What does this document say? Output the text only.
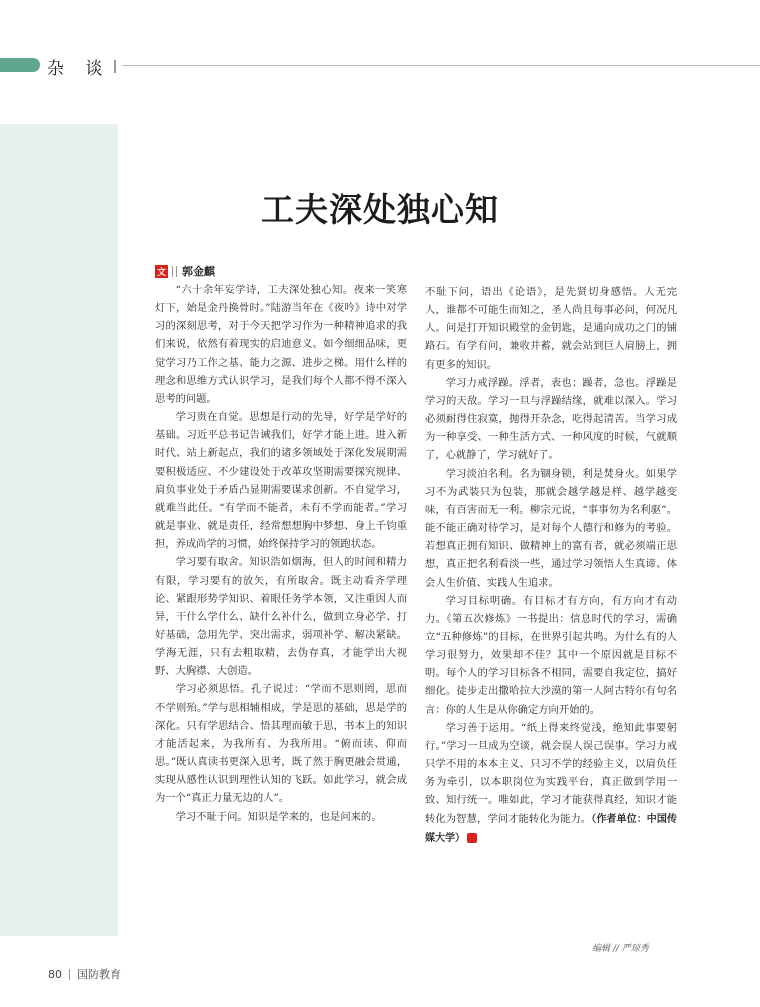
杂 谈
工夫深处独心知
文 郭金麒

“六十余年妄学诗，工夫深处独心知。夜来一笑寒灯下，始是金丹换骨时。”陆游当年在《夜吟》诗中对学习的深刻思考，对于今天把学习作为一种精神追求的我们来说，依然有着现实的启迪意义。如今细细品味，更觉学习乃工作之基、能力之源、进步之梯。用什么样的理念和思维方式认识学习，是我们每个人都不得不深入思考的问题。

学习贵在自觉。思想是行动的先导，好学是学好的基础。习近平总书记告诫我们，好学才能上进。进入新时代、站上新起点，我们的诸多领域处于深化发展期需要积极适应、不少建设处于改革攻坚期需要探究规律、肩负事业处于矛盾凸显期需要谋求创新。不自觉学习，就难当此任。“有学而不能者，未有不学而能者。”学习就是事业、就是责任，经常想想胸中梦想、身上千钧重担，养成尚学的习惯，始终保持学习的领跑状态。

学习要有取舍。知识浩如烟海，但人的时间和精力有限，学习要有的放矢，有所取舍。既主动看齐学理论、紧跟形势学知识、着眼任务学本领，又注重因人而异，干什么学什么、缺什么补什么，做到立身必学、打好基础，急用先学、突出需求，弱项补学、解决紧缺。学海无涯，只有去粗取精，去伪存真，才能学出大视野、大胸襟、大创造。

学习必须思悟。孔子说过：“学而不思则罔，思而不学则殆。”学与思相辅相成，学是思的基础，思是学的深化。只有学思结合、悟其理而敏于思，书本上的知识才能活起来，为我所有、为我所用。“俯而读、仰而思。”既认真读书更深入思考，既了然于胸更融会贯通，实现从感性认识到理性认知的飞跃。如此学习，就会成为一个“真正力量无边的人”。

学习不耻于问。知识是学来的，也是问来的。

不耻下问，语出《论语》，是先贤切身感悟。人无完人，谁都不可能生而知之，圣人尚且每事必问，何况凡人。问是打开知识殿堂的金钥匙，是通向成功之门的铺路石。有学有问，兼收并蓄，就会站到巨人肩膀上，拥有更多的知识。

学习力戒浮躁。浮者，表也；躁者，急也。浮躁是学习的天敌。学习一旦与浮躁结缘，就难以深入。学习必须耐得住寂寞，抛得开杂念，吃得起清苦。当学习成为一种享受、一种生活方式、一种风度的时候，气就顺了，心就静了，学习就好了。

学习淡泊名利。名为锢身锁，利是焚身火。如果学习不为武装只为包装，那就会越学越是样、越学越变味，有百害而无一利。柳宗元说，“事事勿为名利驱”。能不能正确对待学习，是对每个人德行和修为的考验。若想真正拥有知识、做精神上的富有者，就必须端正思想，真正把名利看淡一些，通过学习领悟人生真谛、体会人生价值、实践人生追求。

学习目标明确。有目标才有方向，有方向才有动力。《第五次修炼》一书提出：信息时代的学习，需确立“五种修炼”的目标，在世界引起共鸣。为什么有的人学习很努力，效果却不佳？其中一个原因就是目标不明。每个人的学习目标各不相同，需要自我定位，搞好细化。徒步走出撒哈拉大沙漠的第一人阿古特尔有句名言：你的人生是从你确定方向开始的。

学习善于运用。“纸上得来终觉浅，绝知此事要躬行。”学习一旦成为空谈，就会误人误己误事。学习力戒只学不用的本本主义、只习不学的经验主义，以肩负任务为牵引，以本职岗位为实践平台，真正做到学用一致、知行统一。唯如此，学习才能获得真经，知识才能转化为智慧，学问才能转化为能力。（作者单位：中国传媒大学）	G

编辑 // 严琼秀
80 国防教育
